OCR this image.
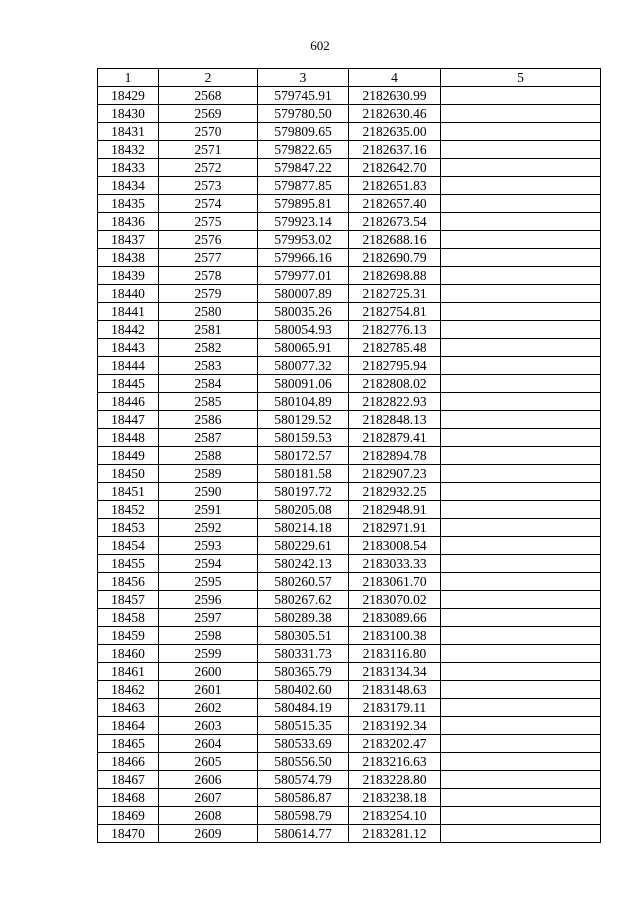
602
1	2	3	4	5
18429	2568	579745.91	2182630.99	
18430	2569	579780.50	2182630.46	
18431	2570	579809.65	2182635.00	
18432	2571	579822.65	2182637.16	
18433	2572	579847.22	2182642.70	
18434	2573	579877.85	2182651.83	
18435	2574	579895.81	2182657.40	
18436	2575	579923.14	2182673.54	
18437	2576	579953.02	2182688.16	
18438	2577	579966.16	2182690.79	
18439	2578	579977.01	2182698.88	
18440	2579	580007.89	2182725.31	
18441	2580	580035.26	2182754.81	
18442	2581	580054.93	2182776.13	
18443	2582	580065.91	2182785.48	
18444	2583	580077.32	2182795.94	
18445	2584	580091.06	2182808.02	
18446	2585	580104.89	2182822.93	
18447	2586	580129.52	2182848.13	
18448	2587	580159.53	2182879.41	
18449	2588	580172.57	2182894.78	
18450	2589	580181.58	2182907.23	
18451	2590	580197.72	2182932.25	
18452	2591	580205.08	2182948.91	
18453	2592	580214.18	2182971.91	
18454	2593	580229.61	2183008.54	
18455	2594	580242.13	2183033.33	
18456	2595	580260.57	2183061.70	
18457	2596	580267.62	2183070.02	
18458	2597	580289.38	2183089.66	
18459	2598	580305.51	2183100.38	
18460	2599	580331.73	2183116.80	
18461	2600	580365.79	2183134.34	
18462	2601	580402.60	2183148.63	
18463	2602	580484.19	2183179.11	
18464	2603	580515.35	2183192.34	
18465	2604	580533.69	2183202.47	
18466	2605	580556.50	2183216.63	
18467	2606	580574.79	2183228.80	
18468	2607	580586.87	2183238.18	
18469	2608	580598.79	2183254.10	
18470	2609	580614.77	2183281.12	
